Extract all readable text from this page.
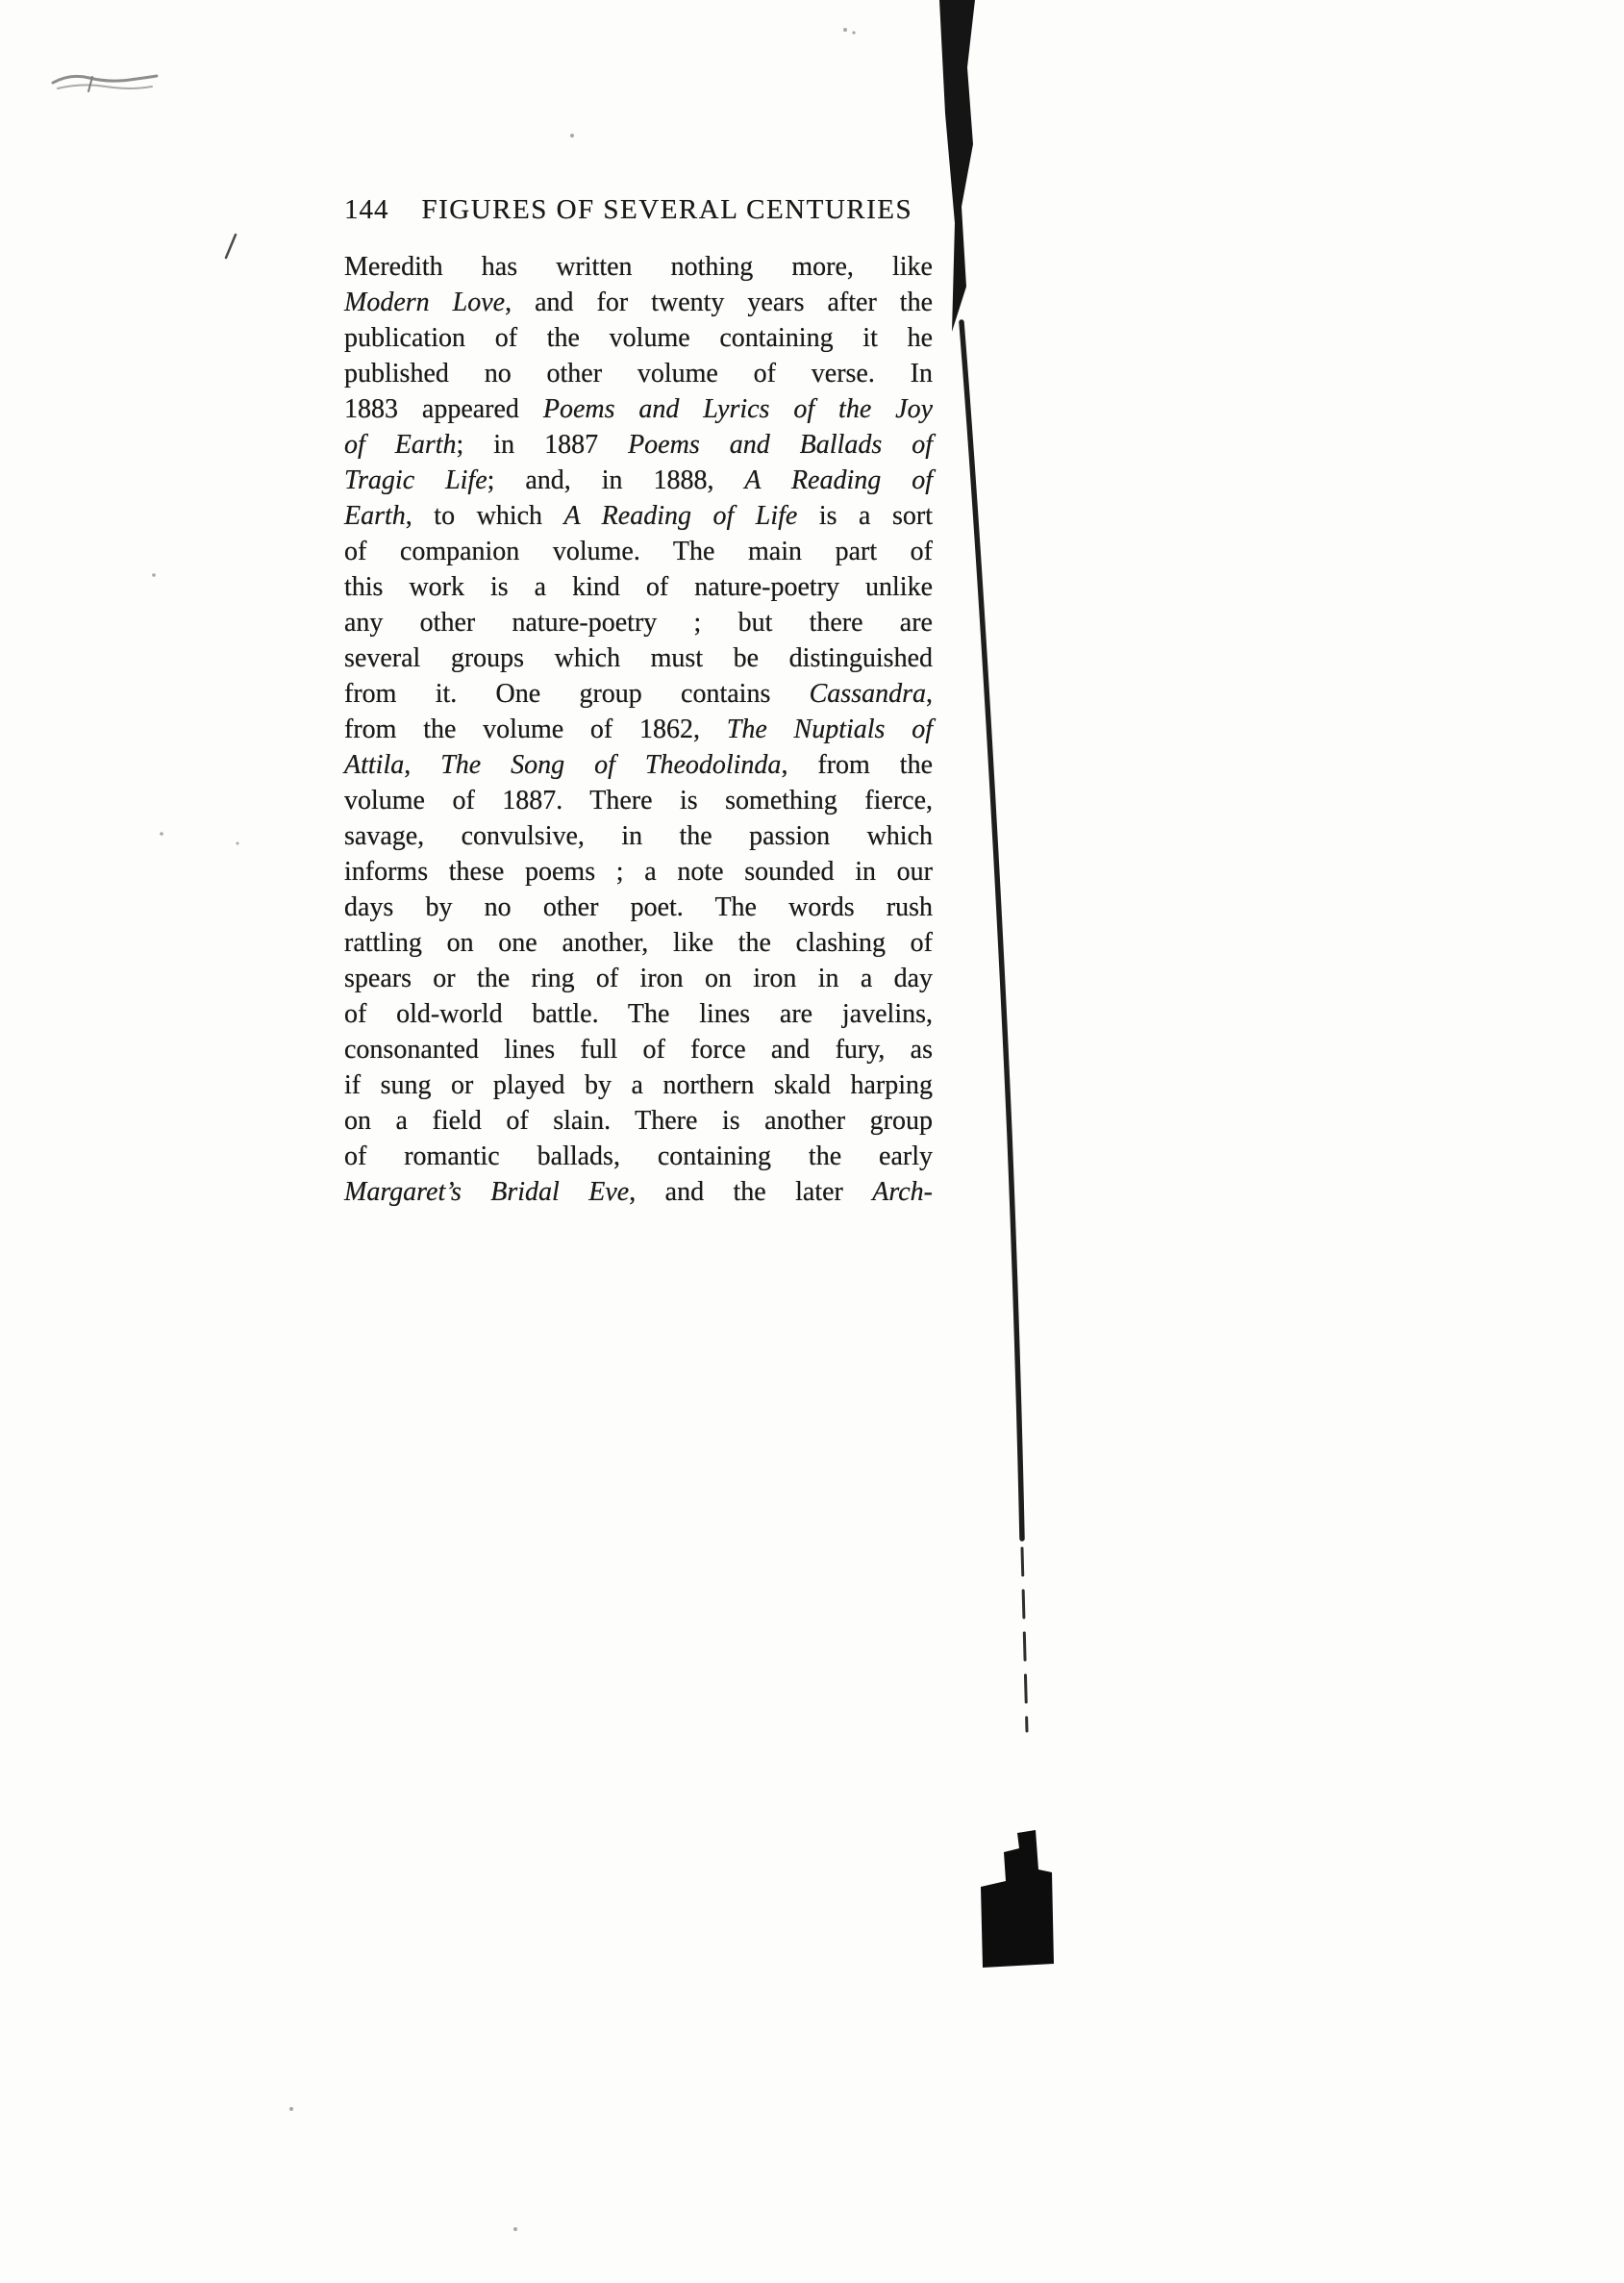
144 FIGURES OF SEVERAL CENTURIES
Meredith has written nothing more, like
Modern Love, and for twenty years after the
publication of the volume containing it he
published no other volume of verse. In
1883 appeared Poems and Lyrics of the Joy
of Earth; in 1887 Poems and Ballads of
Tragic Life; and, in 1888, A Reading of
Earth, to which A Reading of Life is a sort
of companion volume. The main part of
this work is a kind of nature-poetry unlike
any other nature-poetry ; but there are
several groups which must be distinguished
from it. One group contains Cassandra,
from the volume of 1862, The Nuptials of
Attila, The Song of Theodolinda, from the
volume of 1887. There is something fierce,
savage, convulsive, in the passion which
informs these poems ; a note sounded in our
days by no other poet. The words rush
rattling on one another, like the clashing of
spears or the ring of iron on iron in a day
of old-world battle. The lines are javelins,
consonanted lines full of force and fury, as
if sung or played by a northern skald harping
on a field of slain. There is another group
of romantic ballads, containing the early
Margaret’s Bridal Eve, and the later Arch-
